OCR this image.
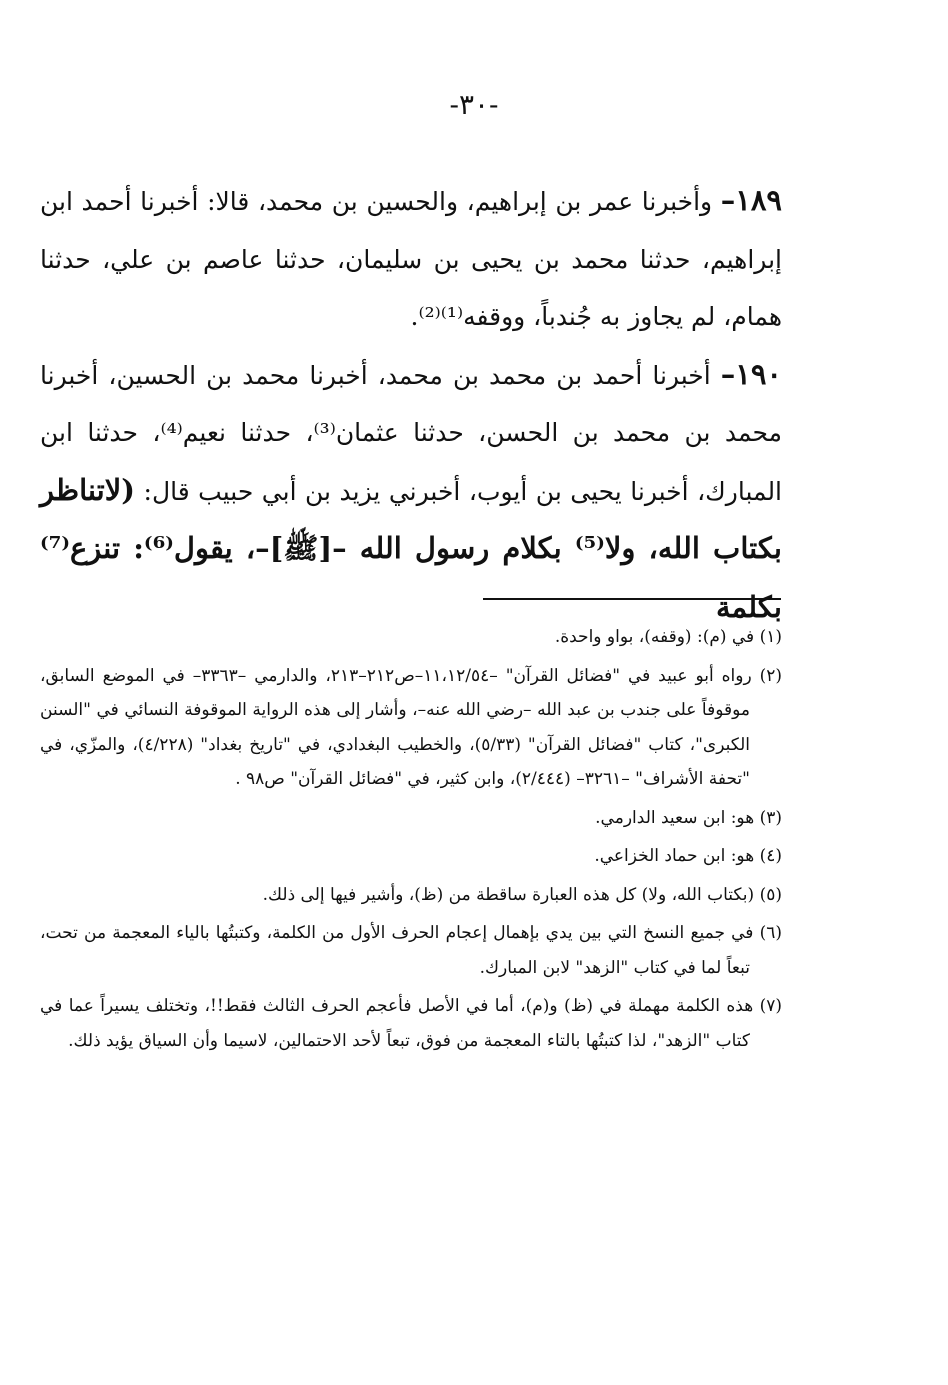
-٣٠-

١٨٩– وأخبرنا عمر بن إبراهيم، والحسين بن محمد، قالا: أخبرنا أحمد ابن إبراهيم، حدثنا محمد بن يحيى بن سليمان، حدثنا عاصم بن علي، حدثنا همام، لم يجاوز به جُندباً، ووقفه⁽¹⁾⁽²⁾.

١٩٠– أخبرنا أحمد بن محمد بن محمد، أخبرنا محمد بن الحسين، أخبرنا محمد بن محمد بن الحسن، حدثنا عثمان⁽³⁾، حدثنا نعيم⁽⁴⁾، حدثنا ابن المبارك، أخبرنا يحيى بن أيوب، أخبرني يزيد بن أبي حبيب قال: (لاتناظر بكتاب الله، ولا⁽⁵⁾ بكلام رسول الله –[ﷺ]–، يقول⁽⁶⁾: تنزع⁽⁷⁾ بكلمة

(١) في (م): (وقفه)، بواو واحدة.

(٢) رواه أبو عبيد في "فضائل القرآن" –١١،١٢/٥٤–ص٢١٢–٢١٣، والدارمي –٣٣٦٣– في الموضع السابق، موقوفاً على جندب بن عبد الله –رضي الله عنه–، وأشار إلى هذه الرواية الموقوفة النسائي في "السنن الكبرى"، كتاب "فضائل القرآن" (٥/٣٣)، والخطيب البغدادي، في "تاريخ بغداد" (٤/٢٢٨)، والمزّي، في "تحفة الأشراف" –٣٢٦١– (٢/٤٤٤)، وابن كثير، في "فضائل القرآن" ص٩٨ .

(٣) هو: ابن سعيد الدارمي.

(٤) هو: ابن حماد الخزاعي.

(٥) (بكتاب الله، ولا) كل هذه العبارة ساقطة من (ظ)، وأشير فيها إلى ذلك.

(٦) في جميع النسخ التي بين يدي بإهمال إعجام الحرف الأول من الكلمة، وكتبتُها بالياء المعجمة من تحت، تبعاً لما في كتاب "الزهد" لابن المبارك.

(٧) هذه الكلمة مهملة في (ظ) و(م)، أما في الأصل فأعجم الحرف الثالث فقط!!، وتختلف يسيراً عما في كتاب "الزهد"، لذا كتبتُها بالتاء المعجمة من فوق، تبعاً لأحد الاحتمالين، لاسيما وأن السياق يؤيد ذلك.
